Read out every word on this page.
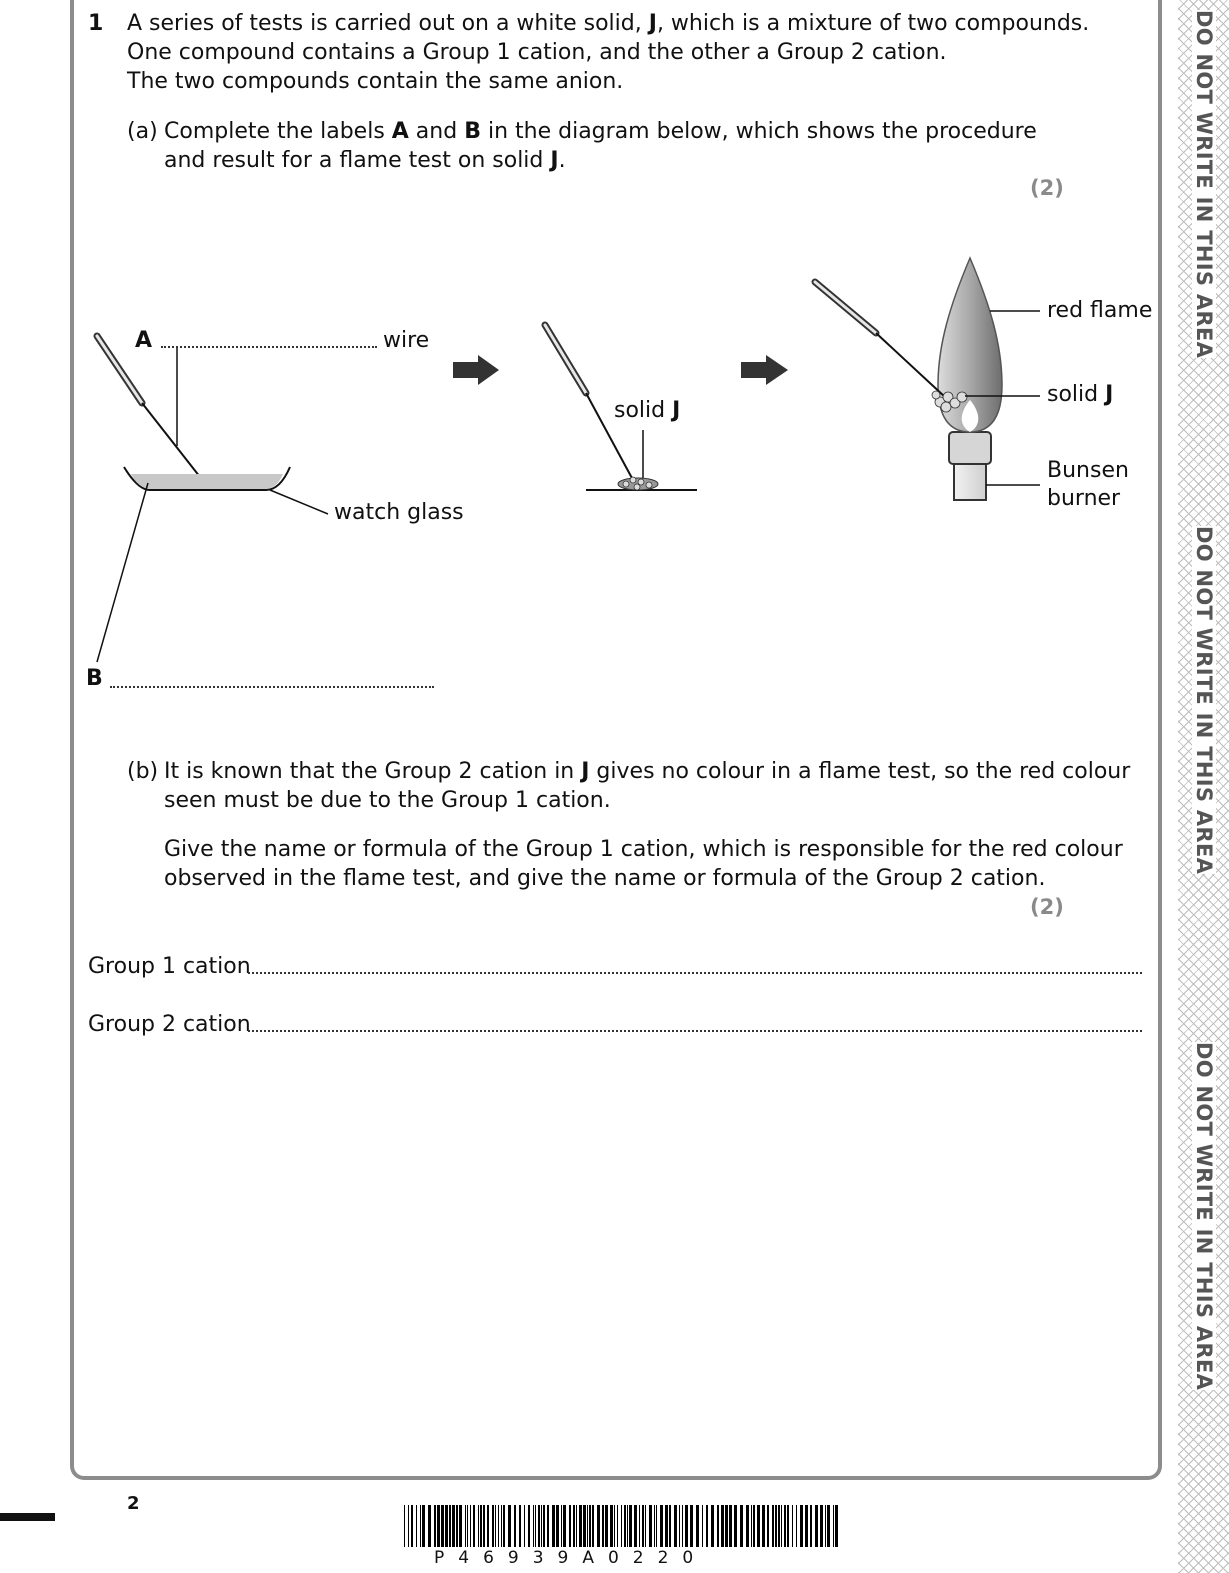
1 A series of tests is carried out on a white solid, J, which is a mixture of two compounds.
One compound contains a Group 1 cation, and the other a Group 2 cation.
The two compounds contain the same anion.
(a) Complete the labels A and B in the diagram below, which shows the procedure
and result for a flame test on solid J.
(2)
A	wire
watch glass
B
solid J
red flame
solid J
Bunsen
burner
(b) It is known that the Group 2 cation in J gives no colour in a flame test, so the red colour
seen must be due to the Group 1 cation.
Give the name or formula of the Group 1 cation, which is responsible for the red colour
observed in the flame test, and give the name or formula of the Group 2 cation.
(2)
Group 1 cation
Group 2 cation
DO NOT WRITE IN THIS AREA
DO NOT WRITE IN THIS AREA
DO NOT WRITE IN THIS AREA
2
P46939A0220
